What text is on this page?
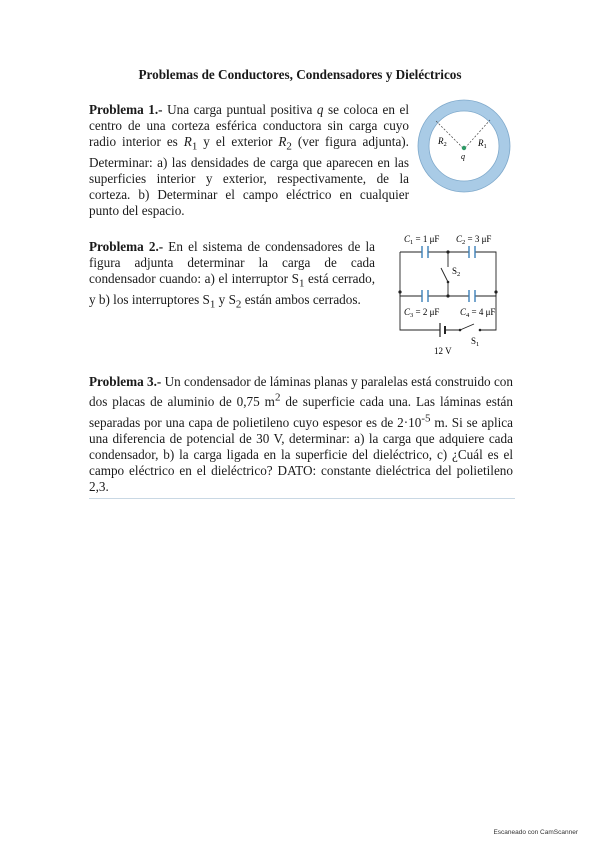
Problemas de Conductores, Condensadores y Dieléctricos
Problema 1.- Una carga puntual positiva q se coloca en el centro de una corteza esférica conductora sin carga cuyo radio interior es $R_1$ y el exterior $R_2$ (ver figura adjunta). Determinar: a) las densidades de carga que aparecen en las superficies interior y exterior, respectivamente, de la corteza. b) Determinar el campo eléctrico en cualquier punto del espacio.
$R_2$	$R_1$
q
Problema 2.- En el sistema de condensadores de la figura adjunta determinar la carga de cada condensador cuando: a) el interruptor $S_1$ está cerrado, y b) los interruptores $S_1$ y $S_2$ están ambos cerrados.
$C_1 = 1$ μF $C_2 = 3$ μF
$C_3 = 2$ μF $C_4 = 4$ μF
$S_2$
$S_1$
12 V
Problema 3.- Un condensador de láminas planas y paralelas está construido con dos placas de aluminio de 0,75 $m^2$ de superficie cada una. Las láminas están separadas por una capa de polietileno cuyo espesor es de $2\cdot 10^{-5}$ m. Si se aplica una diferencia de potencial de 30 V, determinar: a) la carga que adquiere cada condensador, b) la carga ligada en la superficie del dieléctrico, c) ¿Cuál es el campo eléctrico en el dieléctrico? DATO: constante dieléctrica del polietileno 2,3.
Escaneado con CamScanner
